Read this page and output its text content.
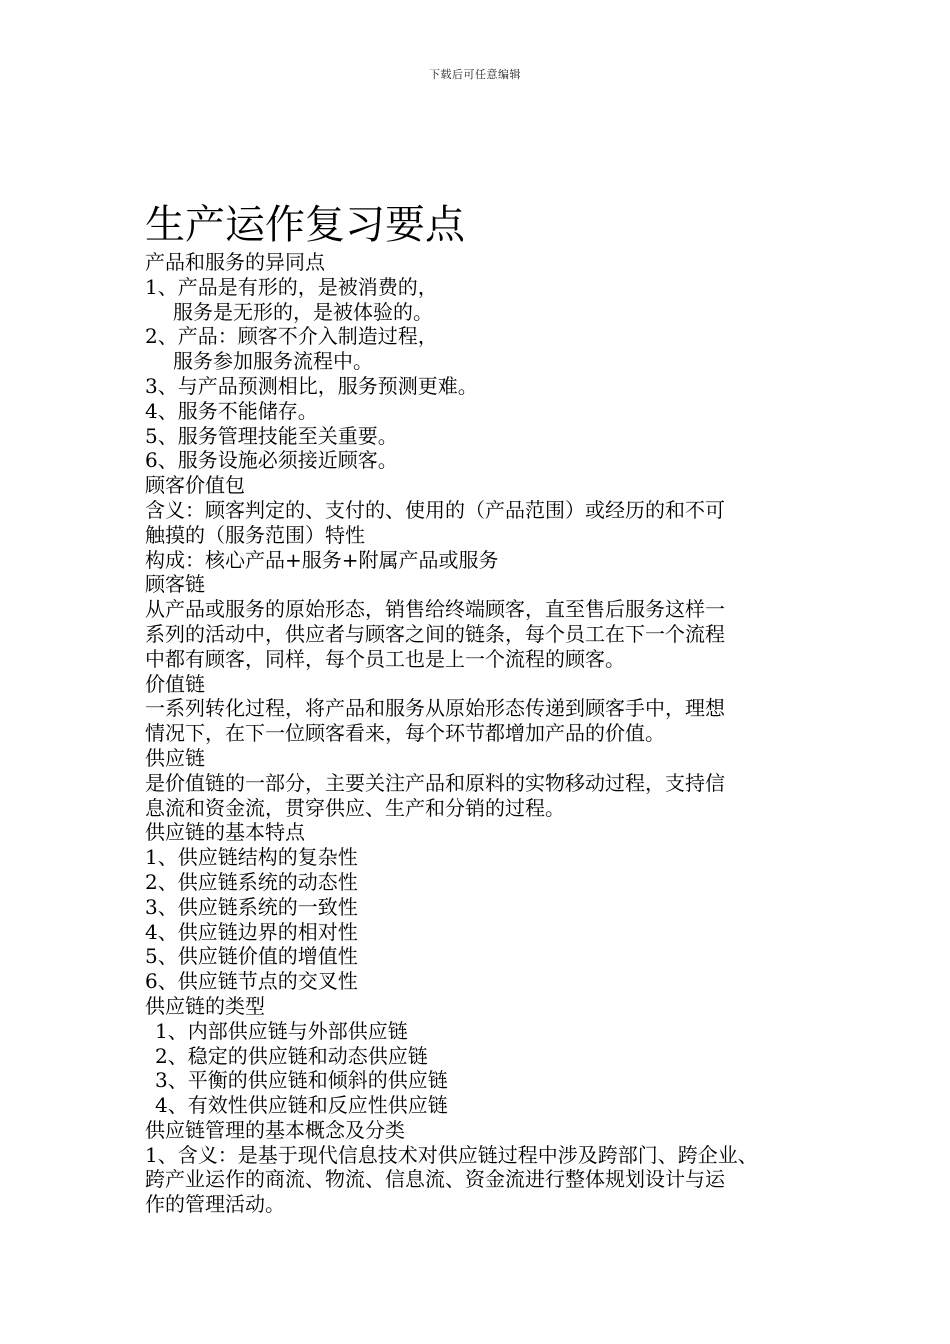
下载后可任意编辑
生产运作复习要点

产品和服务的异同点

1、产品是有形的，是被消费的，

服务是无形的，是被体验的。

2、产品：顾客不介入制造过程，

服务参加服务流程中。

3、与产品预测相比，服务预测更难。

4、服务不能储存。

5、服务管理技能至关重要。

6、服务设施必须接近顾客。

顾客价值包

含义：顾客判定的、支付的、使用的（产品范围）或经历的和不可

触摸的（服务范围）特性

构成：核心产品+服务+附属产品或服务

顾客链

从产品或服务的原始形态，销售给终端顾客，直至售后服务这样一

系列的活动中，供应者与顾客之间的链条，每个员工在下一个流程

中都有顾客，同样，每个员工也是上一个流程的顾客。

价值链

一系列转化过程，将产品和服务从原始形态传递到顾客手中，理想

情况下，在下一位顾客看来，每个环节都增加产品的价值。

供应链

是价值链的一部分，主要关注产品和原料的实物移动过程，支持信

息流和资金流，贯穿供应、生产和分销的过程。

供应链的基本特点

1、供应链结构的复杂性

2、供应链系统的动态性

3、供应链系统的一致性

4、供应链边界的相对性

5、供应链价值的增值性

6、供应链节点的交叉性

供应链的类型

1、内部供应链与外部供应链

2、稳定的供应链和动态供应链

3、平衡的供应链和倾斜的供应链

4、有效性供应链和反应性供应链

供应链管理的基本概念及分类

1、含义：是基于现代信息技术对供应链过程中涉及跨部门、跨企业、

跨产业运作的商流、物流、信息流、资金流进行整体规划设计与运

作的管理活动。
